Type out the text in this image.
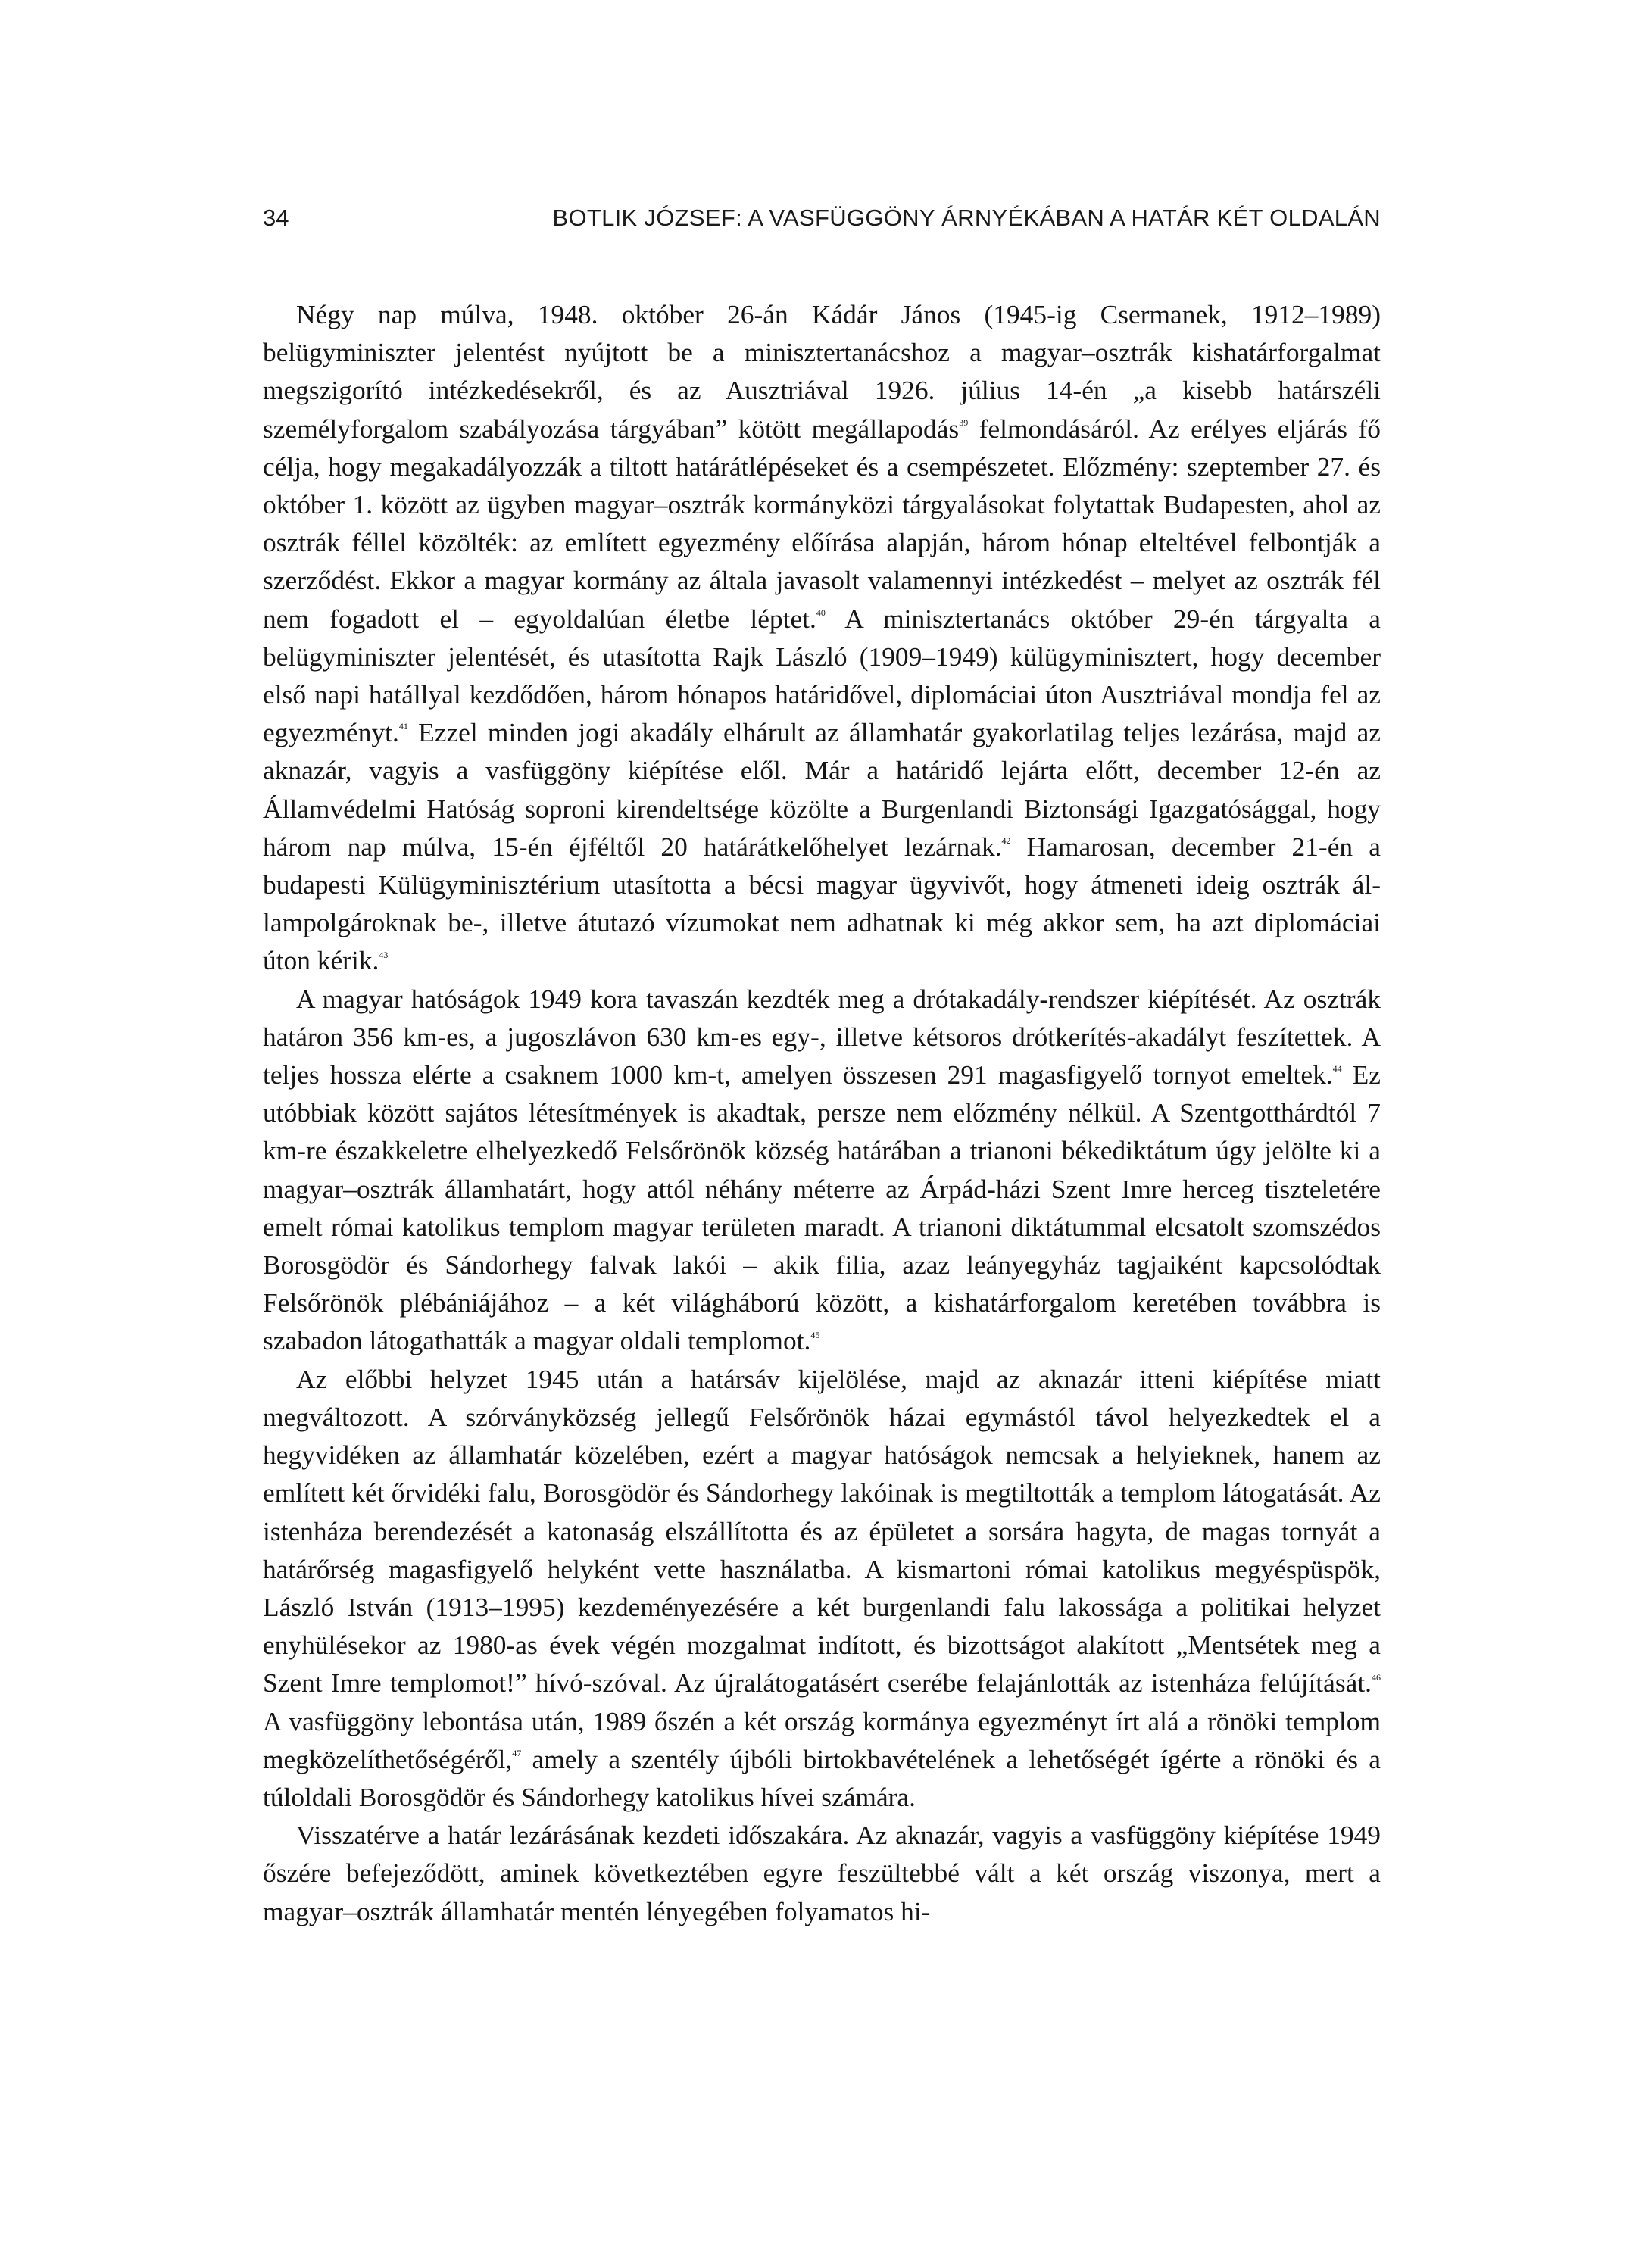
34	BOTLIK JÓZSEF: A VASFÜGGÖNY ÁRNYÉKÁBAN A HATÁR KÉT OLDALÁN

Négy nap múlva, 1948. október 26-án Kádár János (1945-ig Csermanek, 1912–1989) belügyminiszter jelentést nyújtott be a minisztertanácshoz a magyar–osztrák kishatárforgalmat megszigorító intézkedésekről, és az Ausztriával 1926. július 14-én „a kisebb határszéli személyforgalom szabályozása tárgyában” kötött megállapodás$^{39}$ felmondásáról. Az erélyes eljárás fő célja, hogy megakadályozzák a tiltott határátlépéseket és a csempészetet. Előzmény: szeptember 27. és október 1. között az ügyben magyar–osztrák kormányközi tárgyalásokat folytattak Budapesten, ahol az osztrák féllel közölték: az említett egyezmény előírása alapján, három hónap elteltével felbontják a szerződést. Ekkor a magyar kormány az általa javasolt valamennyi intézkedést – melyet az osztrák fél nem fogadott el – egyoldalúan életbe léptet.$^{40}$ A minisztertanács október 29-én tárgyalta a belügyminiszter jelentését, és utasította Rajk László (1909–1949) külügyminisztert, hogy december első napi hatállyal kezdődően, három hónapos határidővel, diplomáciai úton Ausztriával mondja fel az egyezményt.$^{41}$ Ezzel minden jogi akadály elhárult az államhatár gyakorlatilag teljes lezárása, majd az aknazár, vagyis a vasfüggöny kiépítése elől. Már a határidő lejárta előtt, december 12-én az Államvédelmi Hatóság soproni kirendeltsége közölte a Burgenlandi Biztonsági Igazgatósággal, hogy három nap múlva, 15-én éjféltől 20 határátkelőhelyet lezárnak.$^{42}$ Hamarosan, december 21-én a budapesti Külügyminisztérium utasította a bécsi magyar ügyvivőt, hogy átmeneti ideig osztrák állampolgároknak be-, illetve átutazó vízumokat nem adhatnak ki még akkor sem, ha azt diplomáciai úton kérik.$^{43}$

A magyar hatóságok 1949 kora tavaszán kezdték meg a drótakadály-rendszer kiépítését. Az osztrák határon 356 km-es, a jugoszlávon 630 km-es egy-, illetve kétsoros drótkerítés-akadályt feszítettek. A teljes hossza elérte a csaknem 1000 km-t, amelyen összesen 291 magasfigyelő tornyot emeltek.$^{44}$ Ez utóbbiak között sajátos létesítmények is akadtak, persze nem előzmény nélkül. A Szentgotthárdtól 7 km-re északkeletre elhelyezkedő Felsőrönök község határában a trianoni békediktátum úgy jelölte ki a magyar–osztrák államhatárt, hogy attól néhány méterre az Árpád-házi Szent Imre herceg tiszteletére emelt római katolikus templom magyar területen maradt. A trianoni diktátummal elcsatolt szomszédos Borosgödör és Sándorhegy falvak lakói – akik filia, azaz leányegyház tagjaiként kapcsolódtak Felsőrönök plébániájához – a két világháború között, a kishatárforgalom keretében továbbra is szabadon látogathatták a magyar oldali templomot.$^{45}$

Az előbbi helyzet 1945 után a határsáv kijelölése, majd az aknazár itteni kiépítése miatt megváltozott. A szórványközség jellegű Felsőrönök házai egymástól távol helyezkedtek el a hegyvidéken az államhatár közelében, ezért a magyar hatóságok nemcsak a helyieknek, hanem az említett két őrvidéki falu, Borosgödör és Sándorhegy lakóinak is megtiltották a templom látogatását. Az istenháza berendezését a katonaság elszállította és az épületet a sorsára hagyta, de magas tornyát a határőrség magasfigyelő helyként vette használatba. A kismartoni római katolikus megyéspüspök, László István (1913–1995) kezdeményezésére a két burgenlandi falu lakossága a politikai helyzet enyhülésekor az 1980-as évek végén mozgalmat indított, és bizottságot alakított „Mentsétek meg a Szent Imre templomot!” hívó-szóval. Az újralátogatásért cserébe felajánlották az istenháza felújítását.$^{46}$ A vasfüggöny lebontása után, 1989 őszén a két ország kormánya egyezményt írt alá a rönöki templom megközelíthetőségéről,$^{47}$ amely a szentély újbóli birtokbavételének a lehetőségét ígérte a rönöki és a túloldali Borosgödör és Sándorhegy katolikus hívei számára.

Visszatérve a határ lezárásának kezdeti időszakára. Az aknazár, vagyis a vasfüggöny kiépítése 1949 őszére befejeződött, aminek következtében egyre feszültebbé vált a két ország viszonya, mert a magyar–osztrák államhatár mentén lényegében folyamatos hi-
